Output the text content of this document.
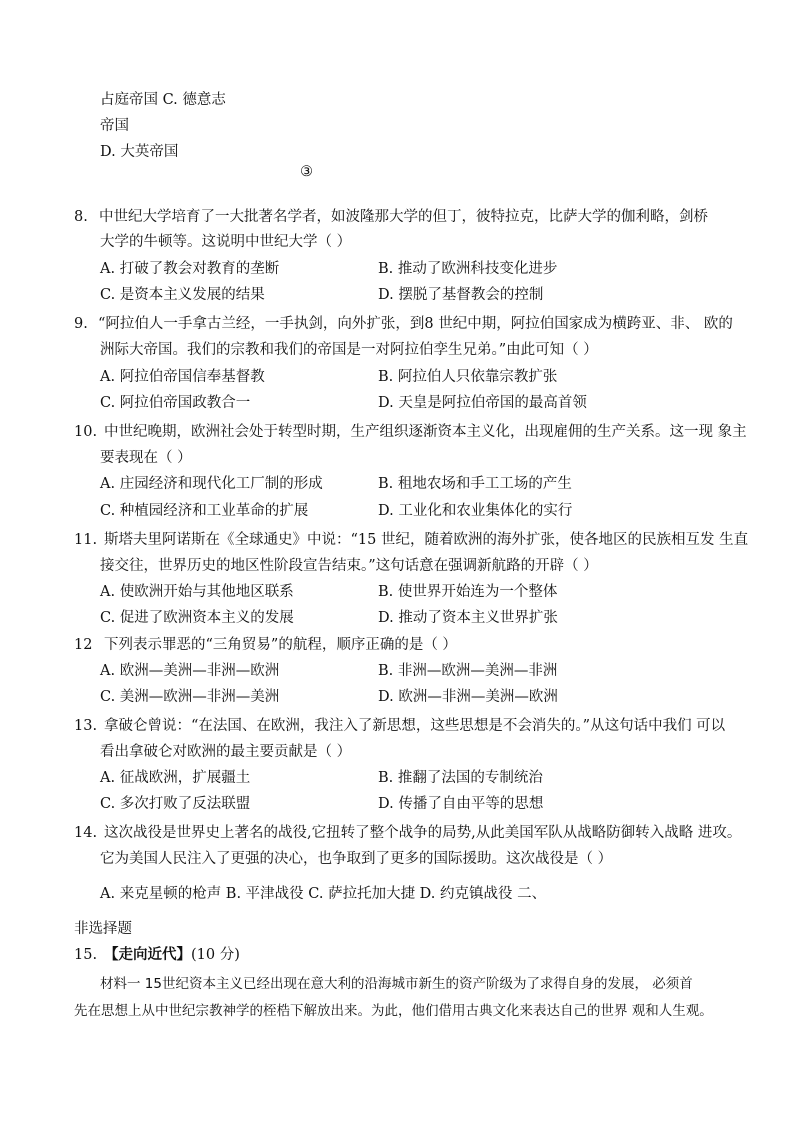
占庭帝国 C. 德意志
帝国
D. 大英帝国
③
8. 中世纪大学培育了一大批著名学者，如波隆那大学的但丁，彼特拉克，比萨大学的伽利略，剑桥
大学的牛顿等。这说明中世纪大学（ ）
A. 打破了教会对教育的垄断	B. 推动了欧洲科技变化进步
C. 是资本主义发展的结果	D. 摆脱了基督教会的控制
9. “阿拉伯人一手拿古兰经，一手执剑，向外扩张，到8 世纪中期，阿拉伯国家成为横跨亚、非、 欧的
洲际大帝国。我们的宗教和我们的帝国是一对阿拉伯孪生兄弟。”由此可知（ ）
A. 阿拉伯帝国信奉基督教	B. 阿拉伯人只依靠宗教扩张
C. 阿拉伯帝国政教合一	D. 天皇是阿拉伯帝国的最高首领
10. 中世纪晚期，欧洲社会处于转型时期，生产组织逐渐资本主义化，出现雇佣的生产关系。这一现 象主
要表现在（ ）
A. 庄园经济和现代化工厂制的形成	B. 租地农场和手工工场的产生
C. 种植园经济和工业革命的扩展	D. 工业化和农业集体化的实行
11. 斯塔夫里阿诺斯在《全球通史》中说：“15 世纪，随着欧洲的海外扩张，使各地区的民族相互发 生直
接交往，世界历史的地区性阶段宣告结束。”这句话意在强调新航路的开辟（ ）
A. 使欧洲开始与其他地区联系	B. 使世界开始连为一个整体
C. 促进了欧洲资本主义的发展	D. 推动了资本主义世界扩张
12 下列表示罪恶的“三角贸易”的航程，顺序正确的是（ ）
A. 欧洲—美洲—非洲—欧洲	B. 非洲—欧洲—美洲—非洲
C. 美洲—欧洲—非洲—美洲	D. 欧洲—非洲—美洲—欧洲
13. 拿破仑曾说：“在法国、在欧洲，我注入了新思想，这些思想是不会消失的。”从这句话中我们 可以
看出拿破仑对欧洲的最主要贡献是（ ）
A. 征战欧洲，扩展疆土	B. 推翻了法国的专制统治
C. 多次打败了反法联盟	D. 传播了自由平等的思想
14. 这次战役是世界史上著名的战役,它扭转了整个战争的局势,从此美国军队从战略防御转入战略 进攻。
它为美国人民注入了更强的决心，也争取到了更多的国际援助。这次战役是（ ）
A. 来克星顿的枪声 B. 平津战役 C. 萨拉托加大捷 D. 约克镇战役 二、
非选择题
15. 【走向近代】(10 分)
材料一 15世纪资本主义已经出现在意大利的沿海城市新生的资产阶级为了求得自身的发展， 必须首
先在思想上从中世纪宗教神学的桎梏下解放出来。为此，他们借用古典文化来表达自己的世界 观和人生观。
